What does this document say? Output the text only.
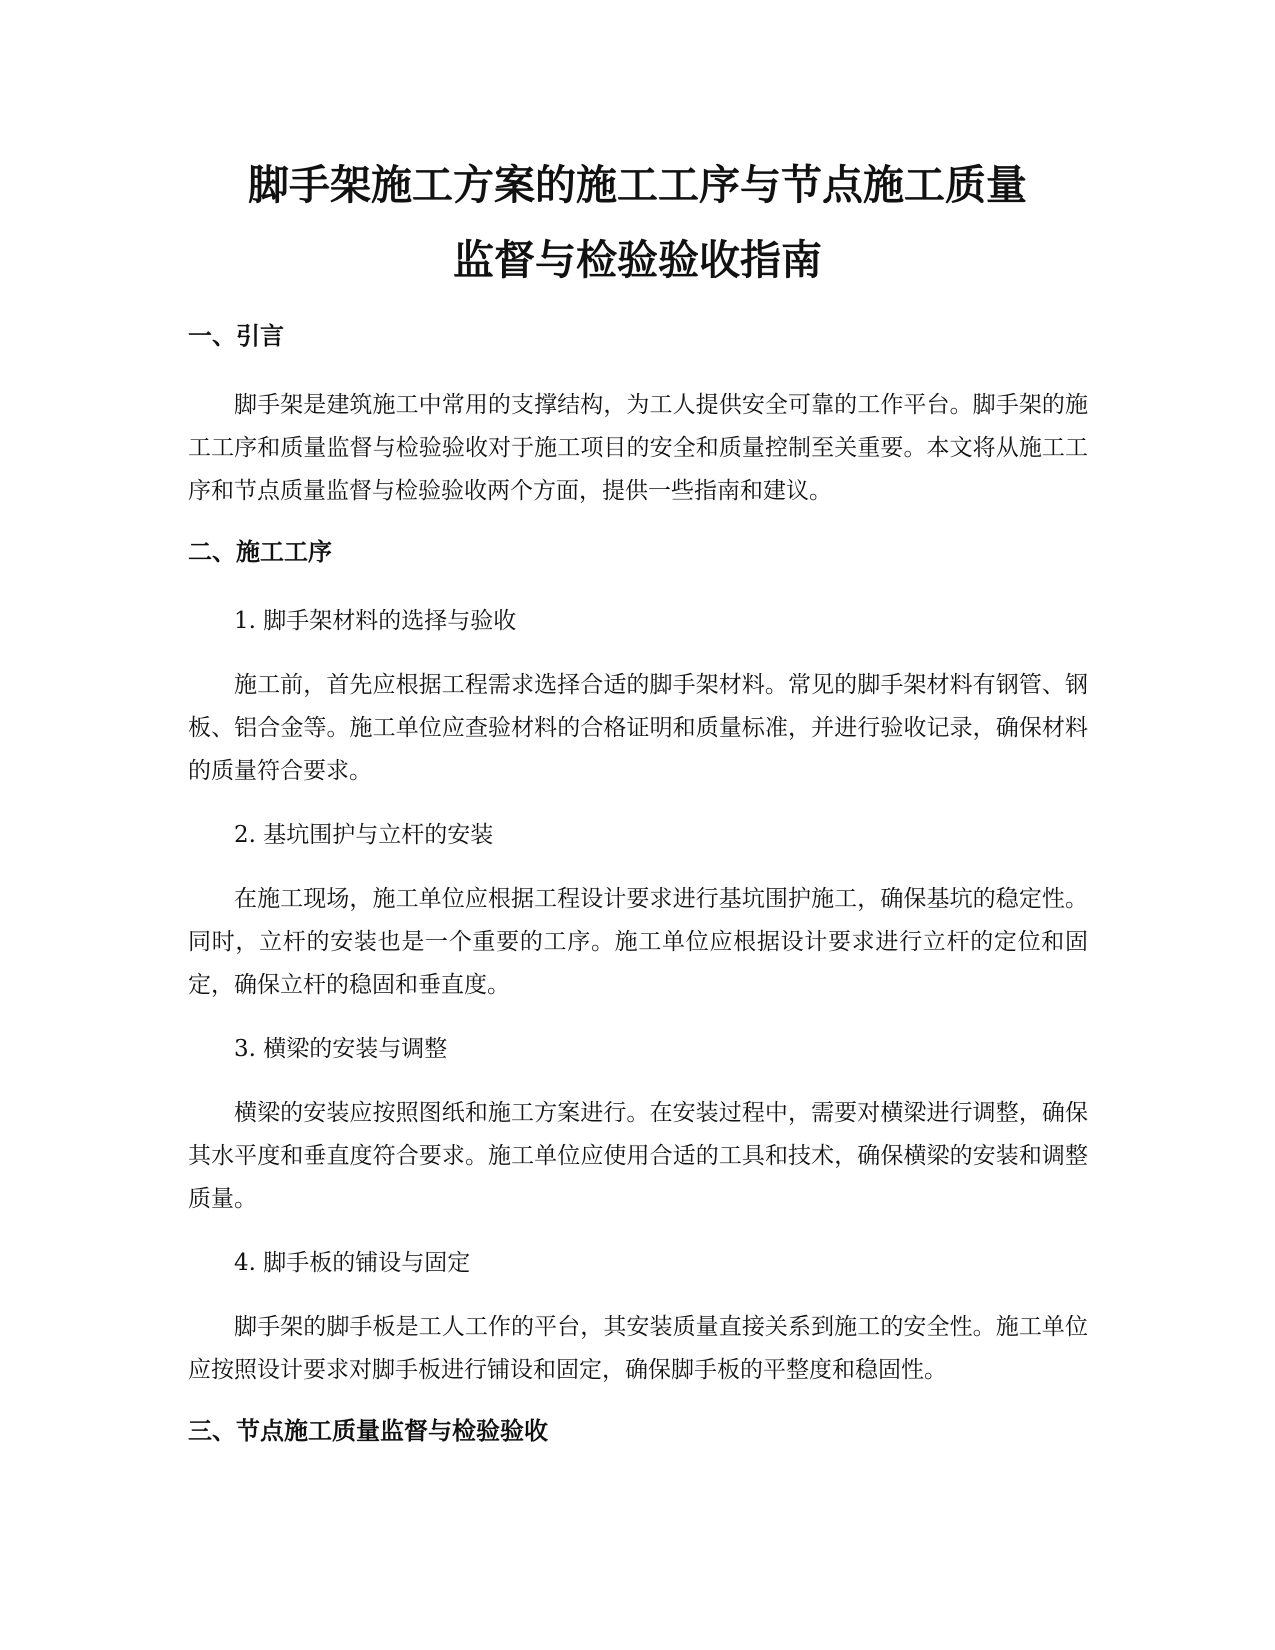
脚手架施工方案的施工工序与节点施工质量
监督与检验验收指南
一、引言

脚手架是建筑施工中常用的支撑结构，为工人提供安全可靠的工作平台。脚手架的施工工序和质量监督与检验验收对于施工项目的安全和质量控制至关重要。本文将从施工工序和节点质量监督与检验验收两个方面，提供一些指南和建议。

二、施工工序
1. 脚手架材料的选择与验收

施工前，首先应根据工程需求选择合适的脚手架材料。常见的脚手架材料有钢管、钢板、铝合金等。施工单位应查验材料的合格证明和质量标准，并进行验收记录，确保材料的质量符合要求。

2. 基坑围护与立杆的安装

在施工现场，施工单位应根据工程设计要求进行基坑围护施工，确保基坑的稳定性。同时，立杆的安装也是一个重要的工序。施工单位应根据设计要求进行立杆的定位和固定，确保立杆的稳固和垂直度。

3. 横梁的安装与调整

横梁的安装应按照图纸和施工方案进行。在安装过程中，需要对横梁进行调整，确保其水平度和垂直度符合要求。施工单位应使用合适的工具和技术，确保横梁的安装和调整质量。

4. 脚手板的铺设与固定

脚手架的脚手板是工人工作的平台，其安装质量直接关系到施工的安全性。施工单位应按照设计要求对脚手板进行铺设和固定，确保脚手板的平整度和稳固性。

三、节点施工质量监督与检验验收
